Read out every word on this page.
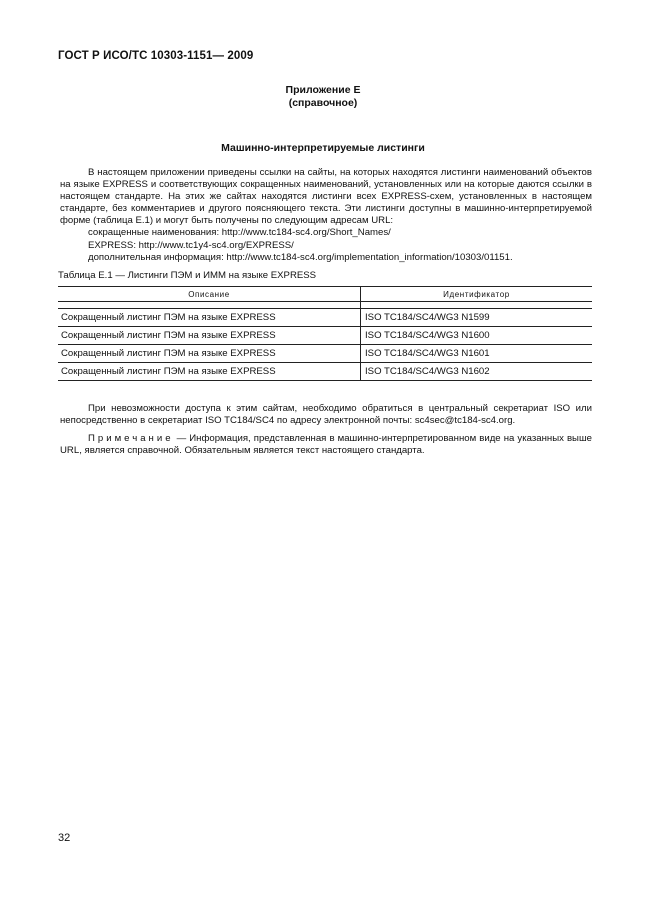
ГОСТ Р ИСО/ТС 10303-1151— 2009
Приложение Е
(справочное)
Машинно-интерпретируемые листинги

В настоящем приложении приведены ссылки на сайты, на которых находятся листинги наименований объектов на языке EXPRESS и соответствующих сокращенных наименований, установленных или на которые даются ссылки в настоящем стандарте. На этих же сайтах находятся листинги всех EXPRESS-схем, установленных в настоящем стандарте, без комментариев и другого поясняющего текста. Эти листинги доступны в машинно-интерпретируемой форме (таблица Е.1) и могут быть получены по следующим адресам URL:

сокращенные наименования: http://www.tc184-sc4.org/Short_Names/

EXPRESS: http://www.tc1y4-sc4.org/EXPRESS/

дополнительная информация: http://www.tc184-sc4.org/implementation_information/10303/01151.

Таблица Е.1 — Листинги ПЭМ и ИММ на языке EXPRESS
Описание	Идентификатор

Сокращенный листинг ПЭМ на языке EXPRESS	ISO TC184/SC4/WG3 N1599
Сокращенный листинг ПЭМ на языке EXPRESS	ISO TC184/SC4/WG3 N1600
Сокращенный листинг ПЭМ на языке EXPRESS	ISO TC184/SC4/WG3 N1601
Сокращенный листинг ПЭМ на языке EXPRESS	ISO TC184/SC4/WG3 N1602

При невозможности доступа к этим сайтам, необходимо обратиться в центральный секретариат ISO или непосредственно в секретариат ISO TC184/SC4 по адресу электронной почты: sc4sec@tc184-sc4.org.

Примечание — Информация, представленная в машинно-интерпретированном виде на указанных выше URL, является справочной. Обязательным является текст настоящего стандарта.

32
